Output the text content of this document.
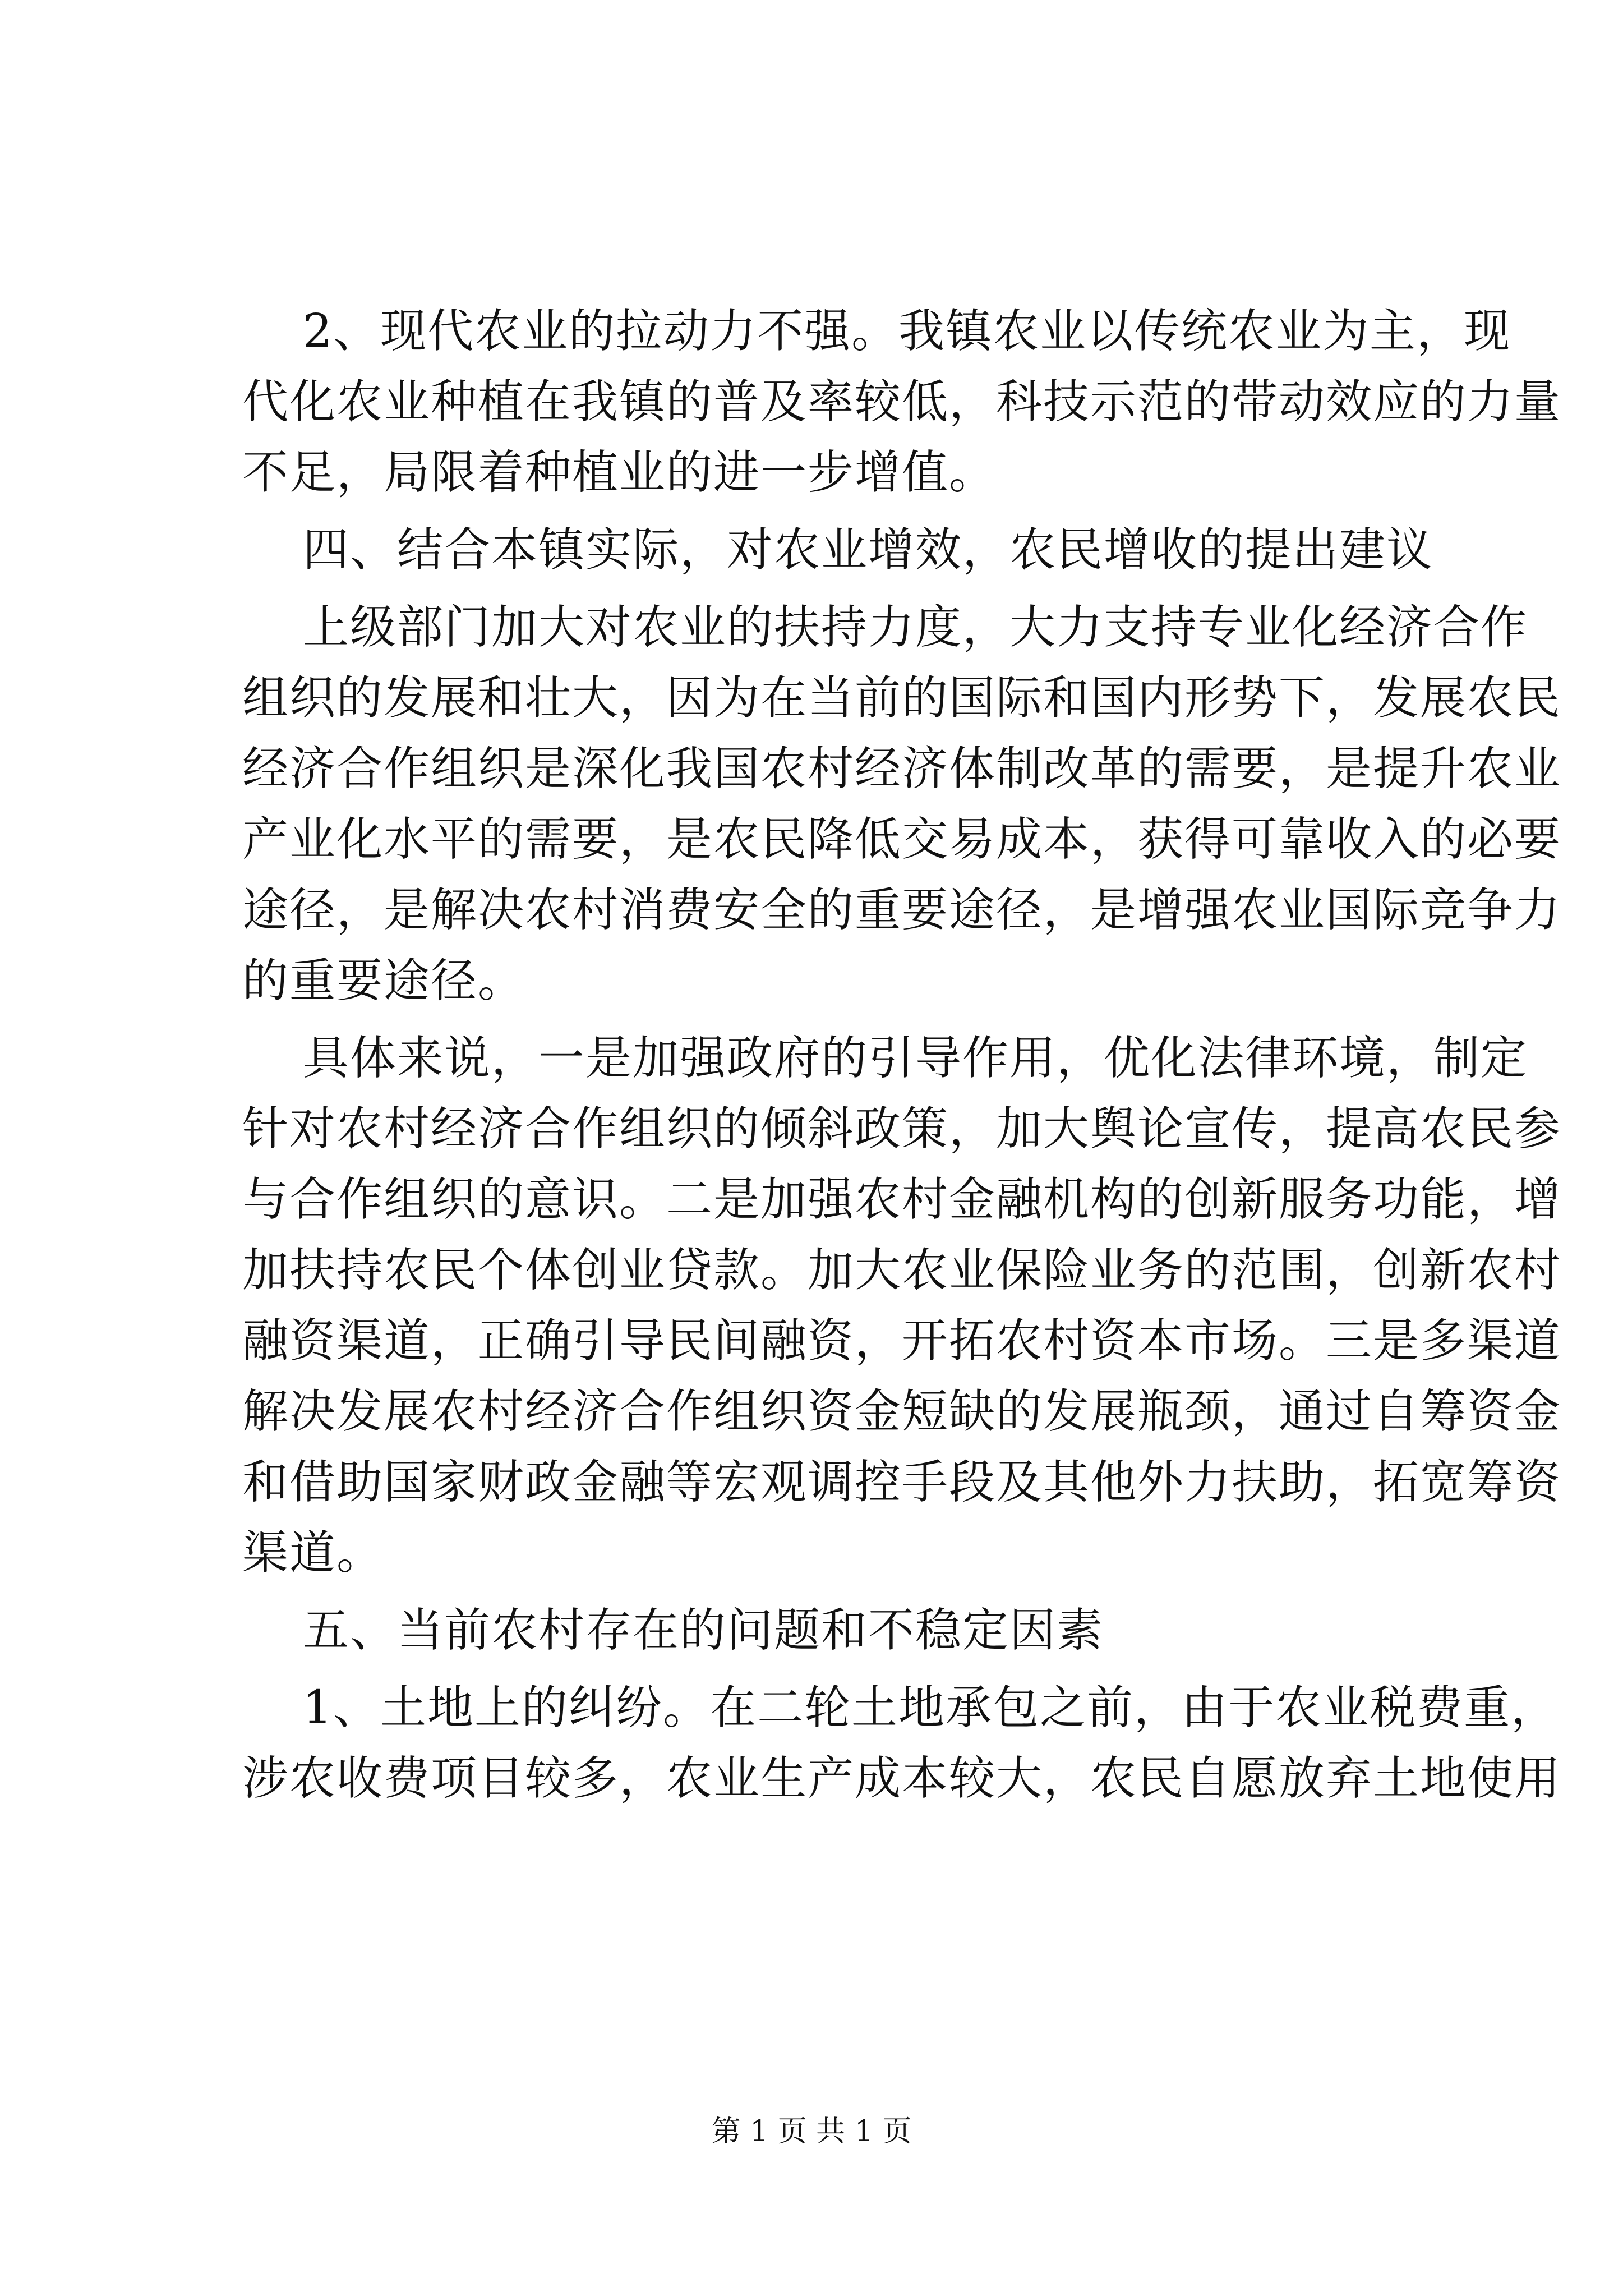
2、现代农业的拉动力不强。我镇农业以传统农业为主，现
代化农业种植在我镇的普及率较低，科技示范的带动效应的力量
不足，局限着种植业的进一步增值。
四、结合本镇实际，对农业增效，农民增收的提出建议
上级部门加大对农业的扶持力度，大力支持专业化经济合作
组织的发展和壮大，因为在当前的国际和国内形势下，发展农民
经济合作组织是深化我国农村经济体制改革的需要，是提升农业
产业化水平的需要，是农民降低交易成本，获得可靠收入的必要
途径，是解决农村消费安全的重要途径，是增强农业国际竞争力
的重要途径。
具体来说，一是加强政府的引导作用，优化法律环境，制定
针对农村经济合作组织的倾斜政策，加大舆论宣传，提高农民参
与合作组织的意识。二是加强农村金融机构的创新服务功能，增
加扶持农民个体创业贷款。加大农业保险业务的范围，创新农村
融资渠道，正确引导民间融资，开拓农村资本市场。三是多渠道
解决发展农村经济合作组织资金短缺的发展瓶颈，通过自筹资金
和借助国家财政金融等宏观调控手段及其他外力扶助，拓宽筹资
渠道。
五、当前农村存在的问题和不稳定因素
1、土地上的纠纷。在二轮土地承包之前，由于农业税费重，
涉农收费项目较多，农业生产成本较大，农民自愿放弃土地使用
第 1 页 共 1 页
